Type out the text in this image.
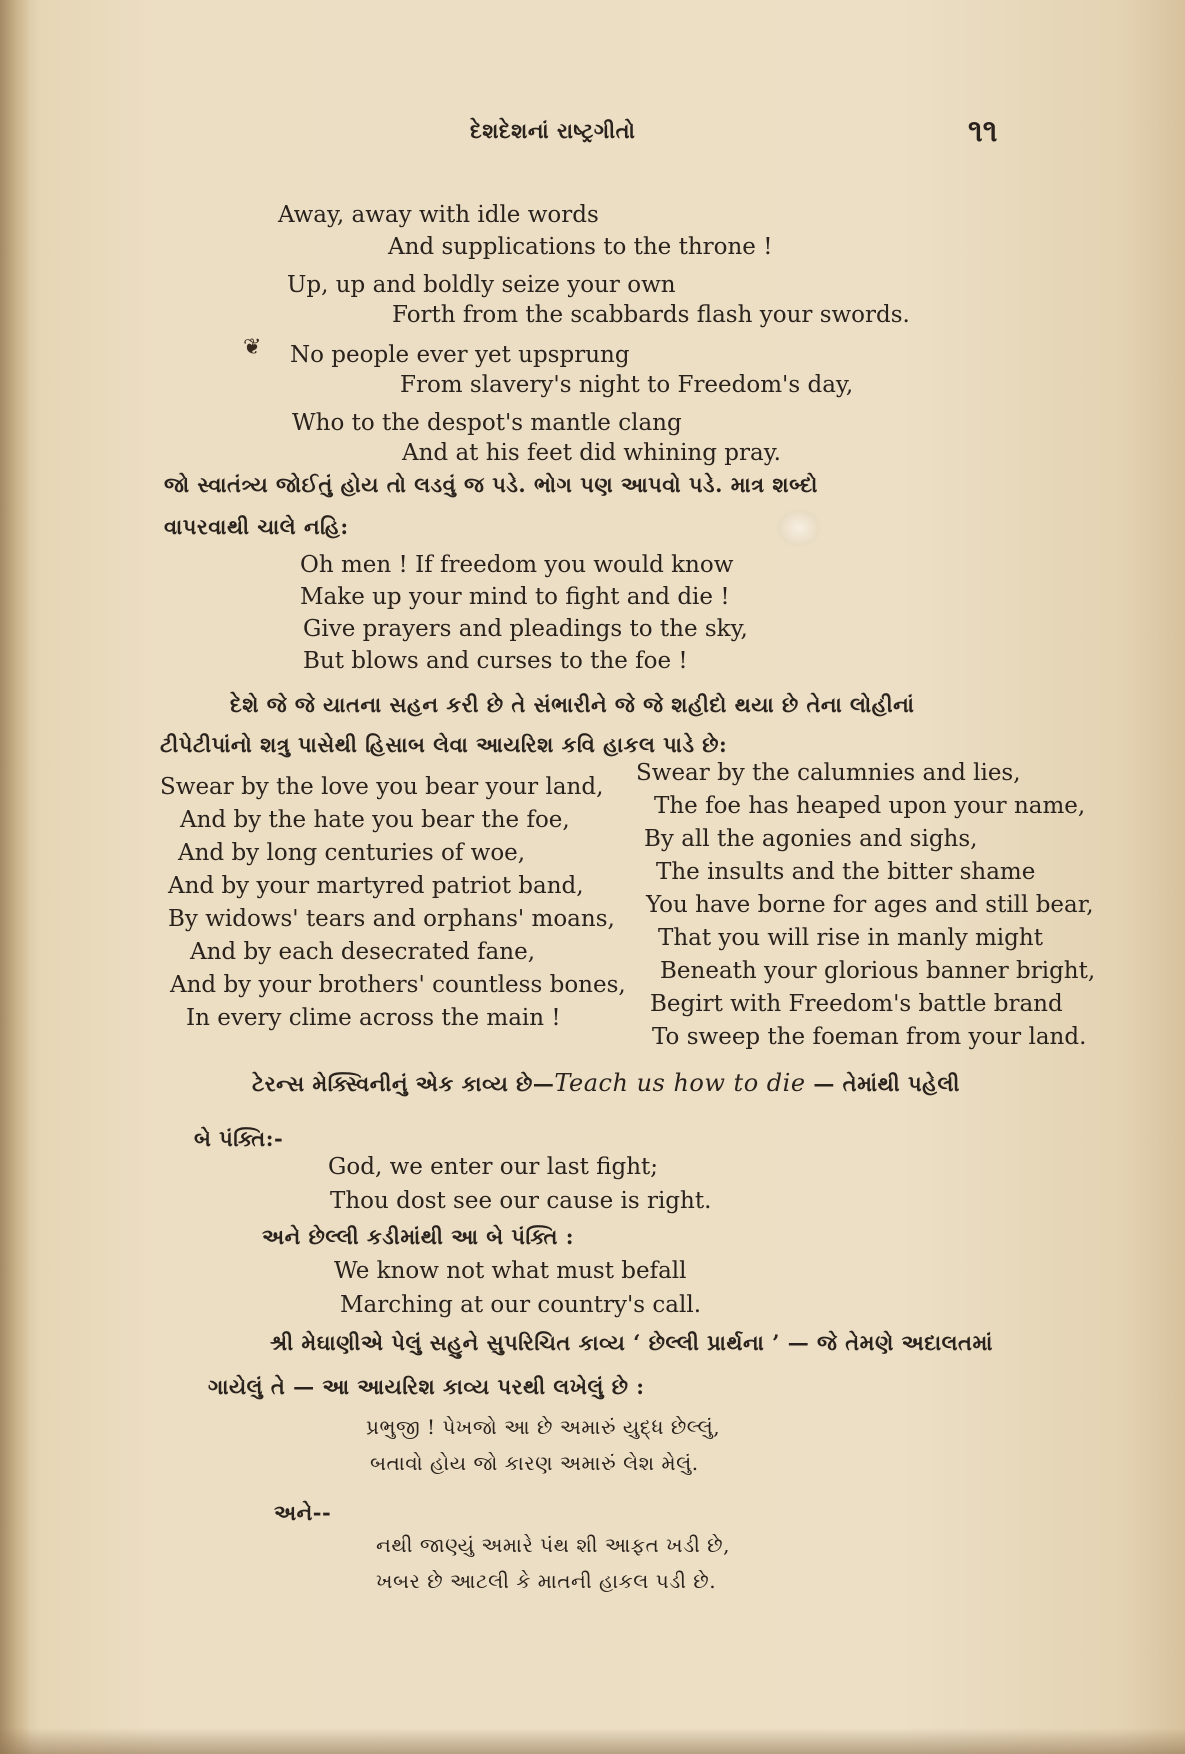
દેશદેશનાં રાષ્ટ્રગીતો	૧૧
Away, away with idle words
And supplications to the throne !
Up, up and boldly seize your own
Forth from the scabbards flash your swords.
❦ No people ever yet upsprung
From slavery's night to Freedom's day,
Who to the despot's mantle clang
And at his feet did whining pray.
જો સ્વાતંત્ર્ય જોઈતું હોય તો લડવું જ પડે. ભોગ પણ આપવો પડે. માત્ર શબ્દો
વાપરવાથી ચાલે નહિ:
Oh men ! If freedom you would know
Make up your mind to fight and die !
Give prayers and pleadings to the sky,
But blows and curses to the foe !
દેશે જે જે યાતના સહન કરી છે તે સંભારીને જે જે શહીદો થયા છે તેના લોહીનાં
ટીપેટીપાંનો શત્રુ પાસેથી હિસાબ લેવા આયરિશ કવિ હાકલ પાડે છે:
Swear by the love you bear your land,
And by the hate you bear the foe,
And by long centuries of woe,
And by your martyred patriot band,
By widows' tears and orphans' moans,
And by each desecrated fane,
And by your brothers' countless bones,
In every clime across the main !
Swear by the calumnies and lies,
The foe has heaped upon your name,
By all the agonies and sighs,
The insults and the bitter shame
You have borne for ages and still bear,
That you will rise in manly might
Beneath your glorious banner bright,
Begirt with Freedom's battle brand
To sweep the foeman from your land.
ટેરન્સ મેક્સ્વિનીનું એક કાવ્ય છે—Teach us how to die — તેમાંથી પહેલી
બે પંક્તિ:-
God, we enter our last fight;
Thou dost see our cause is right.
અને છેલ્લી કડીમાંથી આ બે પંક્તિ :
We know not what must befall
Marching at our country's call.
શ્રી મેઘાણીએ પેલું સહુને સુપરિચિત કાવ્ય ‘ છેલ્લી પ્રાર્થના ’ — જે તેમણે અદાલતમાં
ગાયેલું તે — આ આયરિશ કાવ્ય પરથી લખેલું છે :
પ્રભુજી ! પેખજો આ છે અમારું યુદ્ધ છેલ્લું,
બતાવો હોય જો કારણ અમારું લેશ મેલું.
અને--
નથી જાણ્યું અમારે પંથ શી આફત ખડી છે,
ખબર છે આટલી કે માતની હાકલ પડી છે.
